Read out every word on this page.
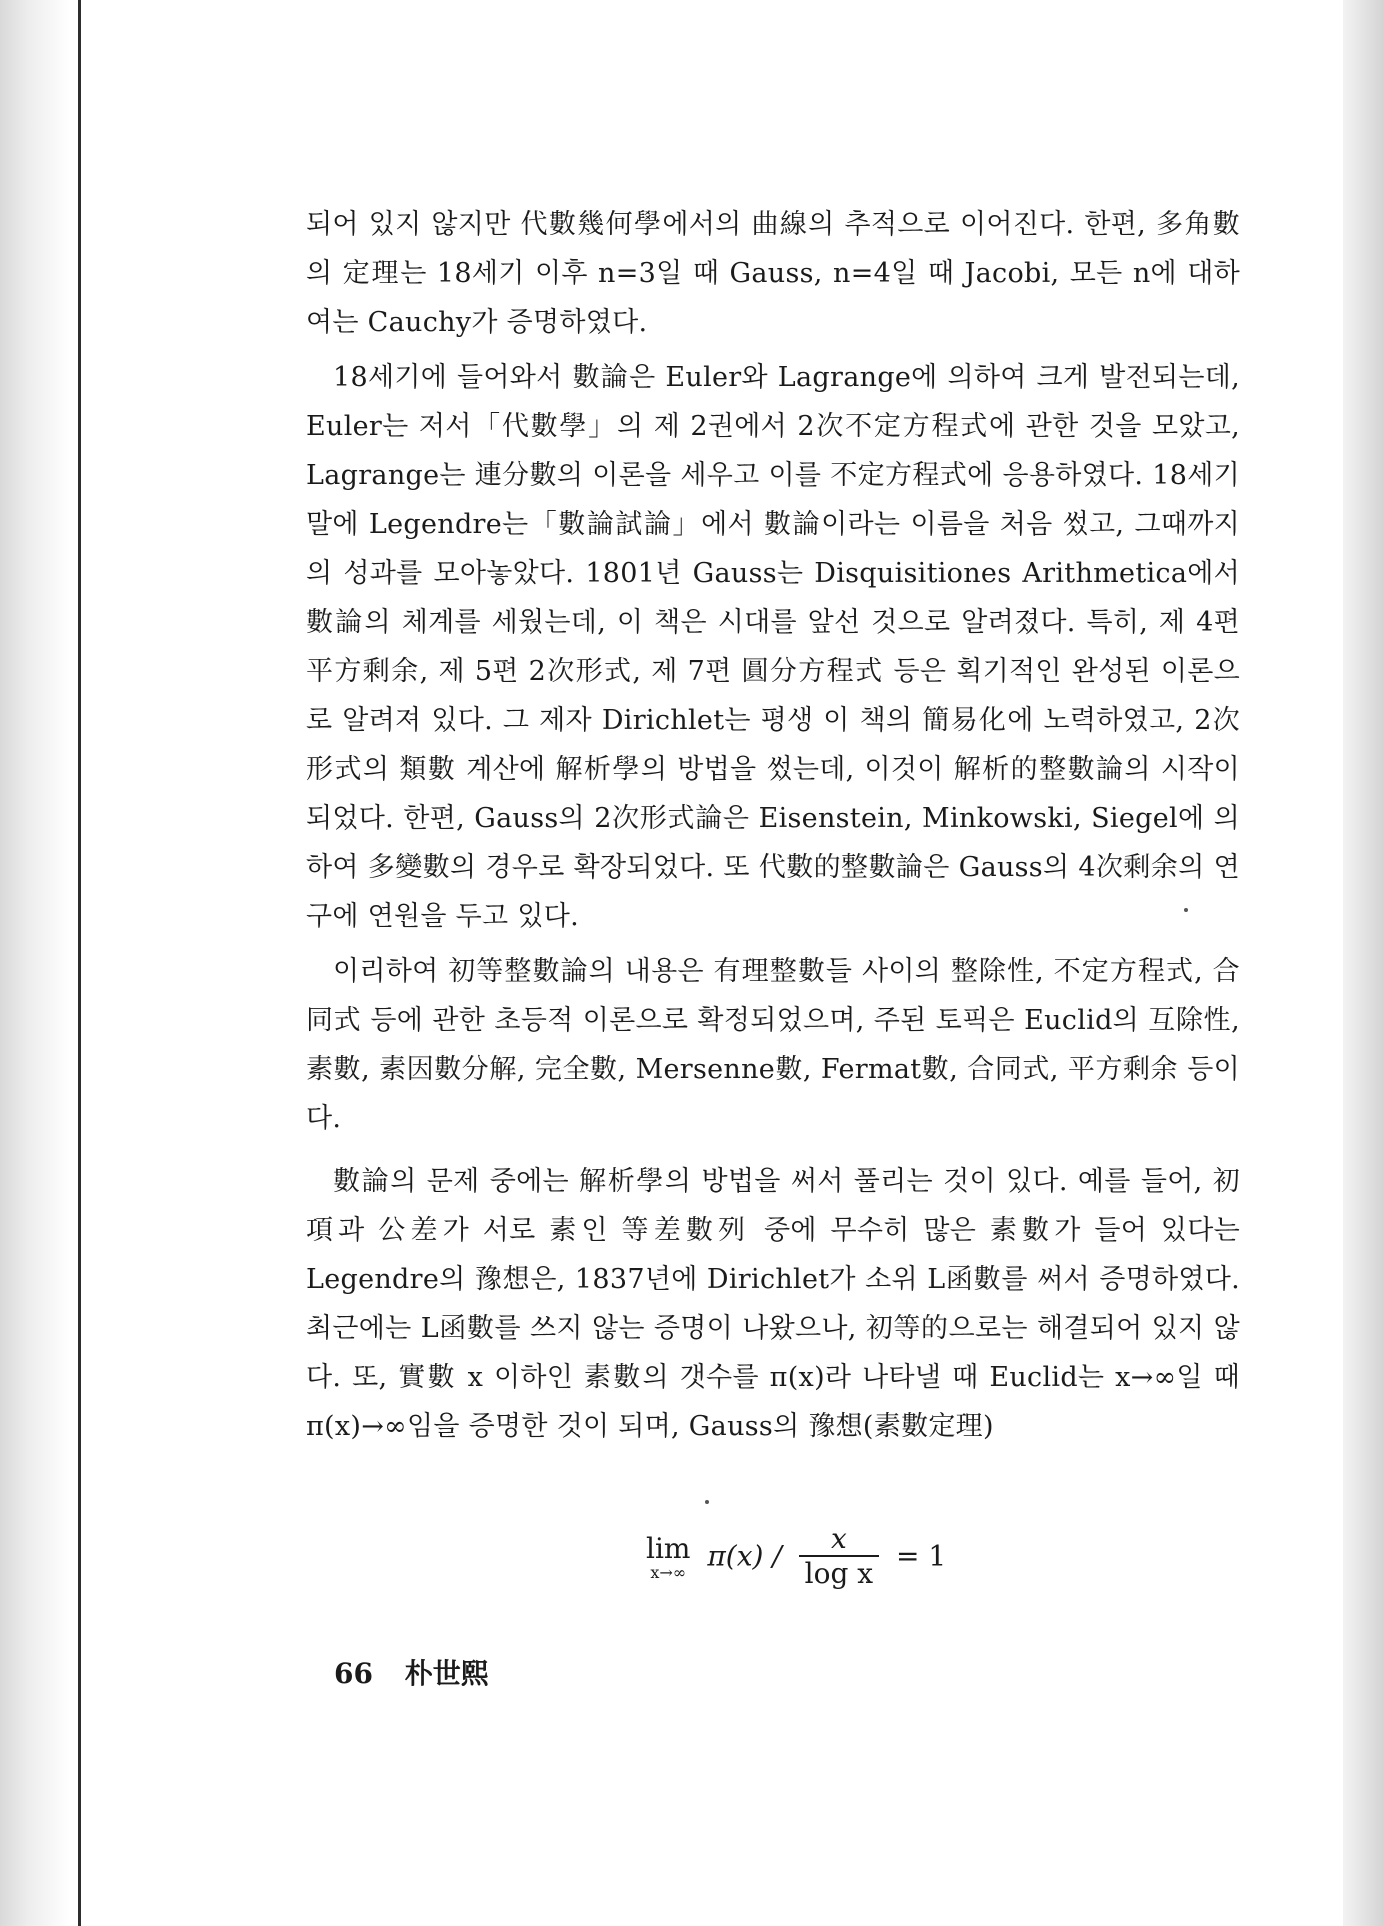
되어 있지 않지만 代數幾何學에서의 曲線의 추적으로 이어진다. 한편, 多角數의 定理는 18세기 이후 n=3일 때 Gauss, n=4일 때 Jacobi, 모든 n에 대하여는 Cauchy가 증명하였다.

18세기에 들어와서 數論은 Euler와 Lagrange에 의하여 크게 발전되는데, Euler는 저서「代數學」의 제 2권에서 2次不定方程式에 관한 것을 모았고, Lagrange는 連分數의 이론을 세우고 이를 不定方程式에 응용하였다. 18세기 말에 Legendre는「數論試論」에서 數論이라는 이름을 처음 썼고, 그때까지의 성과를 모아놓았다. 1801년 Gauss는 Disquisitiones Arithmetica에서 數論의 체계를 세웠는데, 이 책은 시대를 앞선 것으로 알려졌다. 특히, 제 4편 平方剩余, 제 5편 2次形式, 제 7편 圓分方程式 등은 획기적인 완성된 이론으로 알려져 있다. 그 제자 Dirichlet는 평생 이 책의 簡易化에 노력하였고, 2次形式의 類數 계산에 解析學의 방법을 썼는데, 이것이 解析的整數論의 시작이 되었다. 한편, Gauss의 2次形式論은 Eisenstein, Minkowski, Siegel에 의하여 多變數의 경우로 확장되었다. 또 代數的整數論은 Gauss의 4次剩余의 연구에 연원을 두고 있다.

이리하여 初等整數論의 내용은 有理整數들 사이의 整除性, 不定方程式, 合同式 등에 관한 초등적 이론으로 확정되었으며, 주된 토픽은 Euclid의 互除性, 素數, 素因數分解, 完全數, Mersenne數, Fermat數, 合同式, 平方剩余 등이다.

數論의 문제 중에는 解析學의 방법을 써서 풀리는 것이 있다. 예를 들어, 初項과 公差가 서로 素인 等差數列 중에 무수히 많은 素數가 들어 있다는 Legendre의 豫想은, 1837년에 Dirichlet가 소위 L函數를 써서 증명하였다. 최근에는 L函數를 쓰지 않는 증명이 나왔으나, 初等的으로는 해결되어 있지 않다. 또, 實數 x 이하인 素數의 갯수를 π(x)라 나타낼 때 Euclid는 x→∞일 때 π(x)→∞임을 증명한 것이 되며, Gauss의 豫想(素數定理)

lim
x→∞ $\pi(x) / \frac{x}{\text{log x}} = 1$
66 朴世熙
